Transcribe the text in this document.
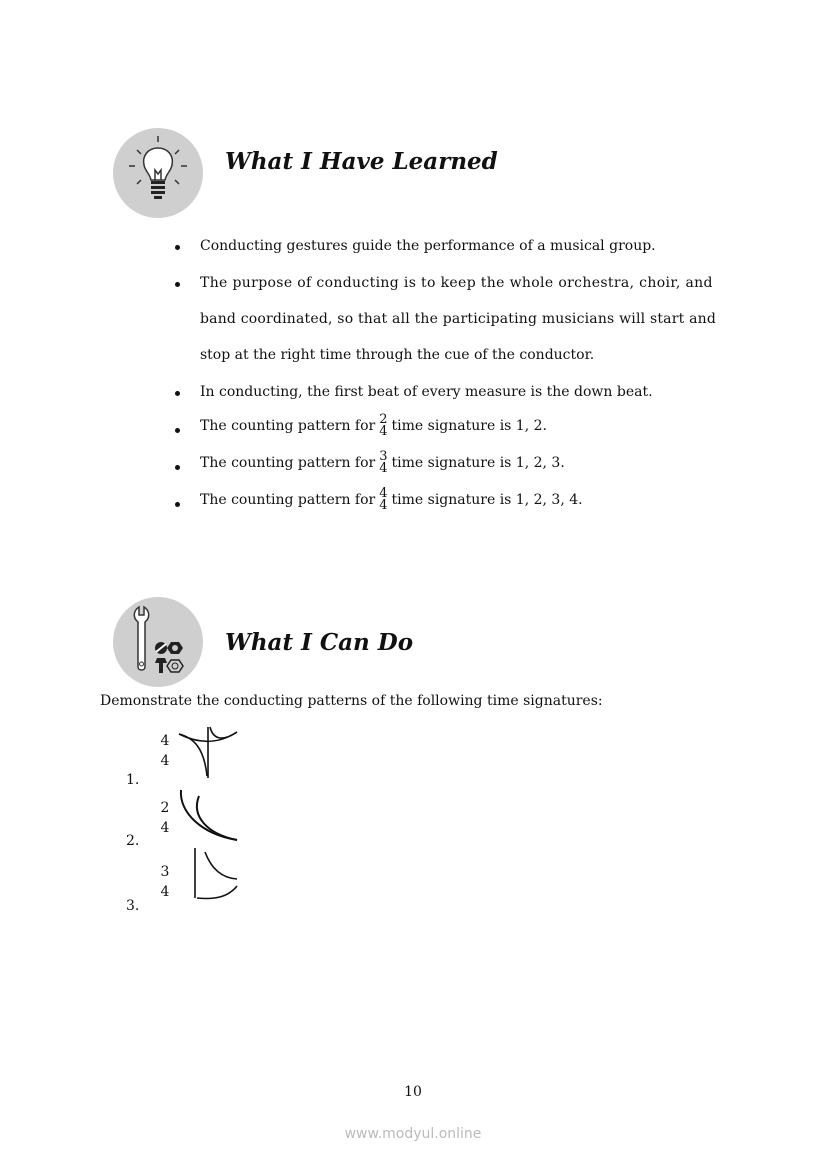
What I Have Learned
Conducting gestures guide the performance of a musical group.
The purpose of conducting is to keep the whole orchestra, choir, and
band coordinated, so that all the participating musicians will start and
stop at the right time through the cue of the conductor.
In conducting, the first beat of every measure is the down beat.
The counting pattern for 2
4 time signature is 1, 2.
The counting pattern for 3
4 time signature is 1, 2, 3.
The counting pattern for 4
4 time signature is 1, 2, 3, 4.
What I Can Do
Demonstrate the conducting patterns of the following time signatures:
4
4
1.
2
4
2.
3
4
3.
10
www.modyul.online
